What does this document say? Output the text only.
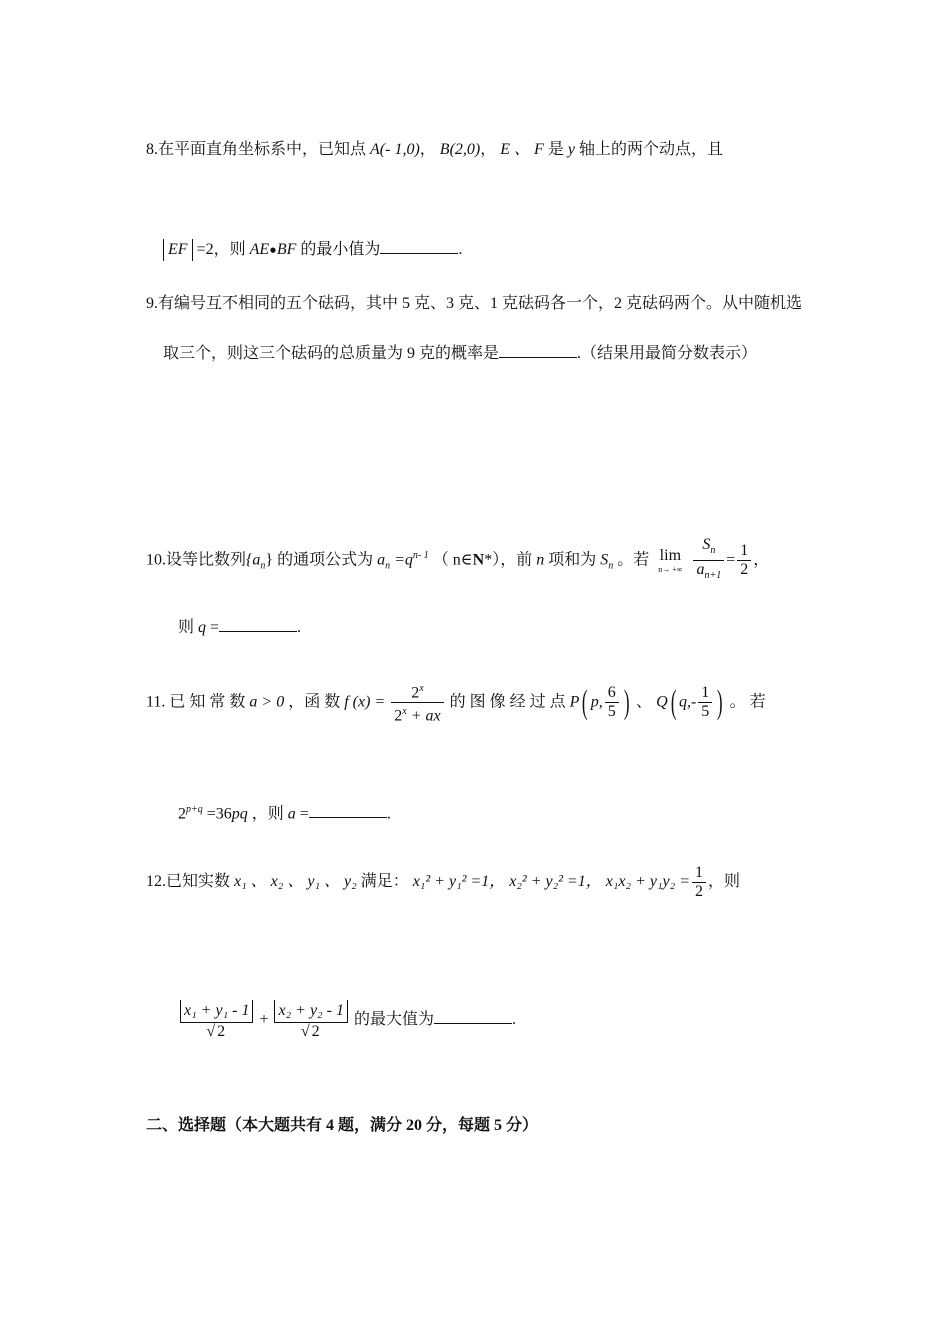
8.在平面直角坐标系中，已知点 A(- 1,0)， B(2,0)， E 、 F 是 y 轴上的两个动点，且
EF =2，则 AE•BF 的最小值为	.
9.有编号互不相同的五个砝码，其中 5 克、3 克、1 克砝码各一个，2 克砝码两个。从中随机选
取三个，则这三个砝码的总质量为 9 克的概率是	.（结果用最简分数表示）
10.设等比数列$\{a_n\}$ 的通项公式为 $a_n =q^{n- 1}$ （ n∈N*），前 n 项和为 $S_n$ 。若 lim
n→ +∞
$\frac{S_n}{a_{n+1}} = \frac{1}{2}$ ，
则 q =	.
11. 已 知 常 数 a > 0 ，函 数 f $(x) = \frac{2^x}{2^x + ax}$ 的 图 像 经 过 点 P( p, $\frac{6}{5}$ ) 、 Q( $q,- \frac{1}{5}$ ) 。 若
$2^{p+q} =36pq$ ，则 a =	.
12.已知实数 x₁ 、 x₂ 、 y₁ 、 y₂ 满足： x₁² + y₁² =1， x₂² + y₂² =1， $x_1x_2 + y_1y_2 = \frac{1}{2}$ ，则
$\frac{\text{x₁ + y₁ - 1}}{√ 2} + \frac{\text{x₂ + y₂ - 1}}{√ 2}$ 的最大值为	.
二、选择题（本大题共有 4 题，满分 20 分，每题 5 分）
